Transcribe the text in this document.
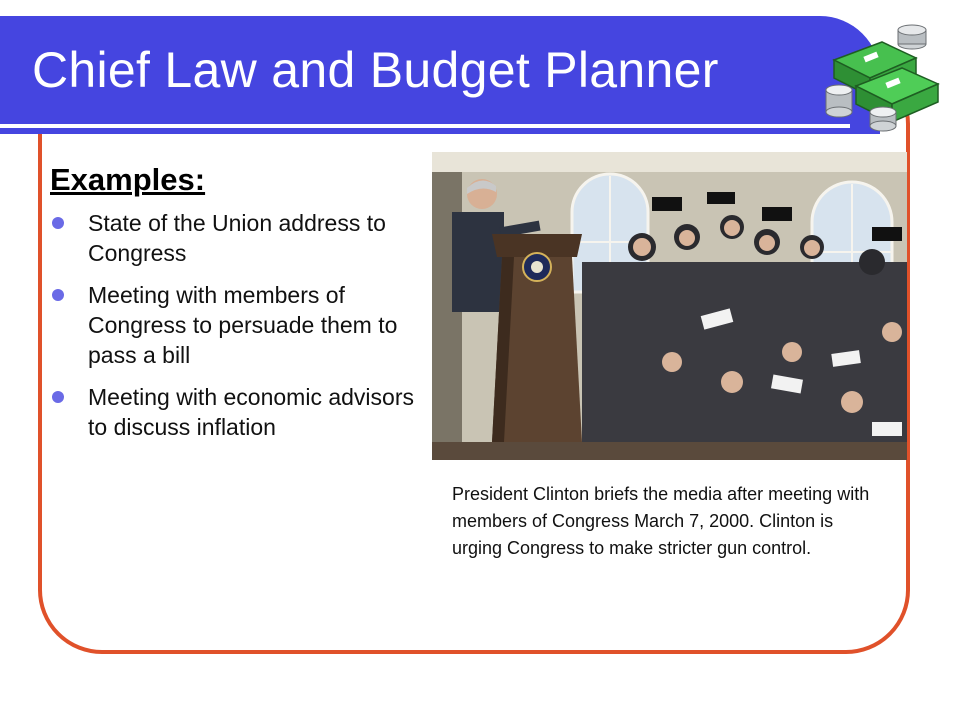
Chief Law and Budget Planner
Examples:
State of the Union address to Congress
Meeting with members of Congress to persuade them to pass a bill
Meeting with economic advisors to discuss inflation

President Clinton briefs the media after meeting with members of Congress March 7, 2000. Clinton is urging Congress to make stricter gun control.
